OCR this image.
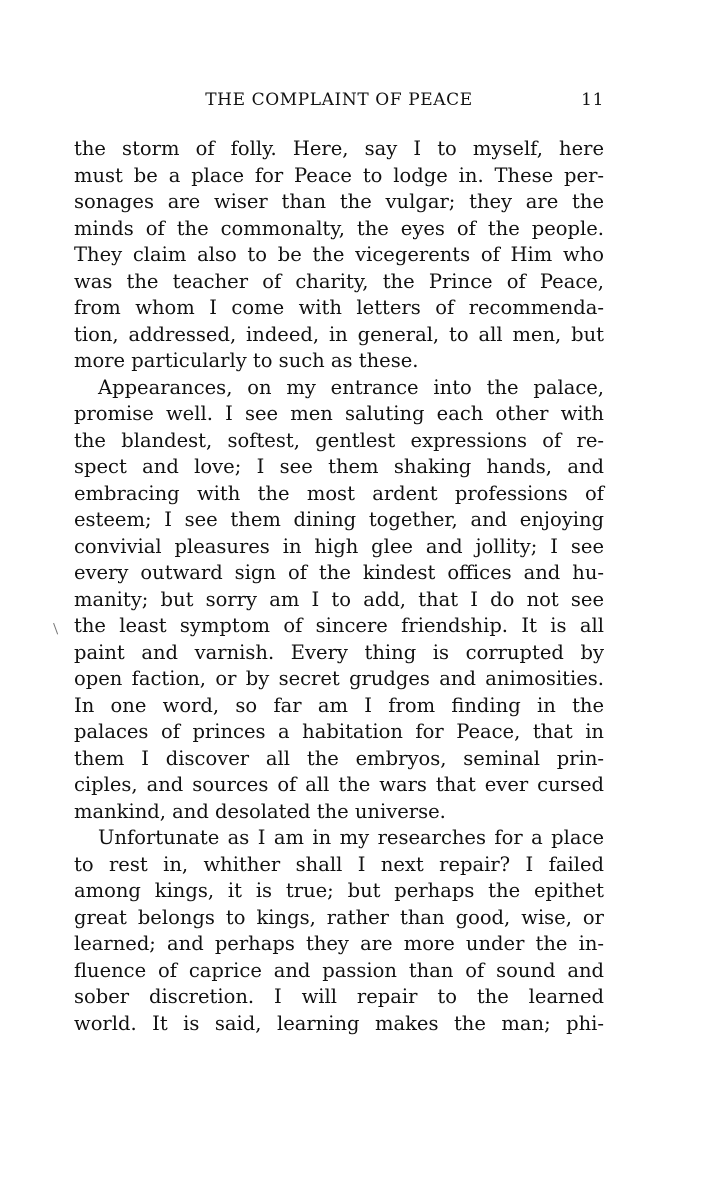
THE COMPLAINT OF PEACE	11
the storm of folly. Here, say I to myself, here
must be a place for Peace to lodge in. These per-
sonages are wiser than the vulgar; they are the
minds of the commonalty, the eyes of the people.
They claim also to be the vicegerents of Him who
was the teacher of charity, the Prince of Peace,
from whom I come with letters of recommenda-
tion, addressed, indeed, in general, to all men, but
more particularly to such as these.
Appearances, on my entrance into the palace,
promise well. I see men saluting each other with
the blandest, softest, gentlest expressions of re-
spect and love; I see them shaking hands, and
embracing with the most ardent professions of
esteem; I see them dining together, and enjoying
convivial pleasures in high glee and jollity; I see
every outward sign of the kindest offices and hu-
manity; but sorry am I to add, that I do not see
the least symptom of sincere friendship. It is all
paint and varnish. Every thing is corrupted by
open faction, or by secret grudges and animosities.
In one word, so far am I from finding in the
palaces of princes a habitation for Peace, that in
them I discover all the embryos, seminal prin-
ciples, and sources of all the wars that ever cursed
mankind, and desolated the universe.
Unfortunate as I am in my researches for a place
to rest in, whither shall I next repair? I failed
among kings, it is true; but perhaps the epithet
great belongs to kings, rather than good, wise, or
learned; and perhaps they are more under the in-
fluence of caprice and passion than of sound and
sober discretion. I will repair to the learned
world. It is said, learning makes the man; phi-
